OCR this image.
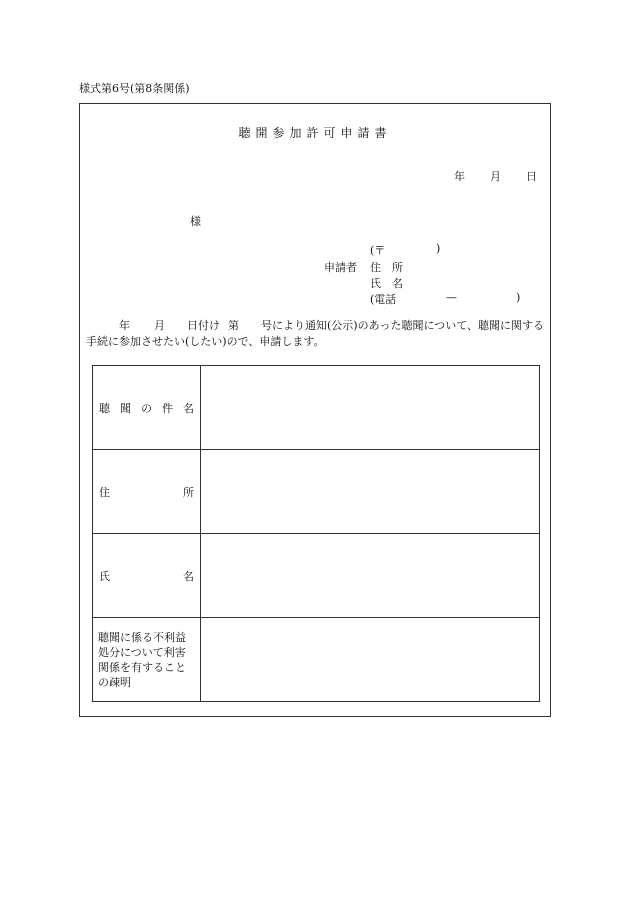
様式第6号(第8条関係)
聴開参加許可申請書
年 月 日
様
(〒	)
申請者 住　所
氏　名
(電話	—	)
年 月 日付け 第 号により通知(公示)のあった聴聞について、聴聞に関する手続に参加させたい(したい)ので、申請します。
聴聞の件名	

住所	

氏名	

聴聞に係る不利益
処分について利害
関係を有すること
の疎明	
